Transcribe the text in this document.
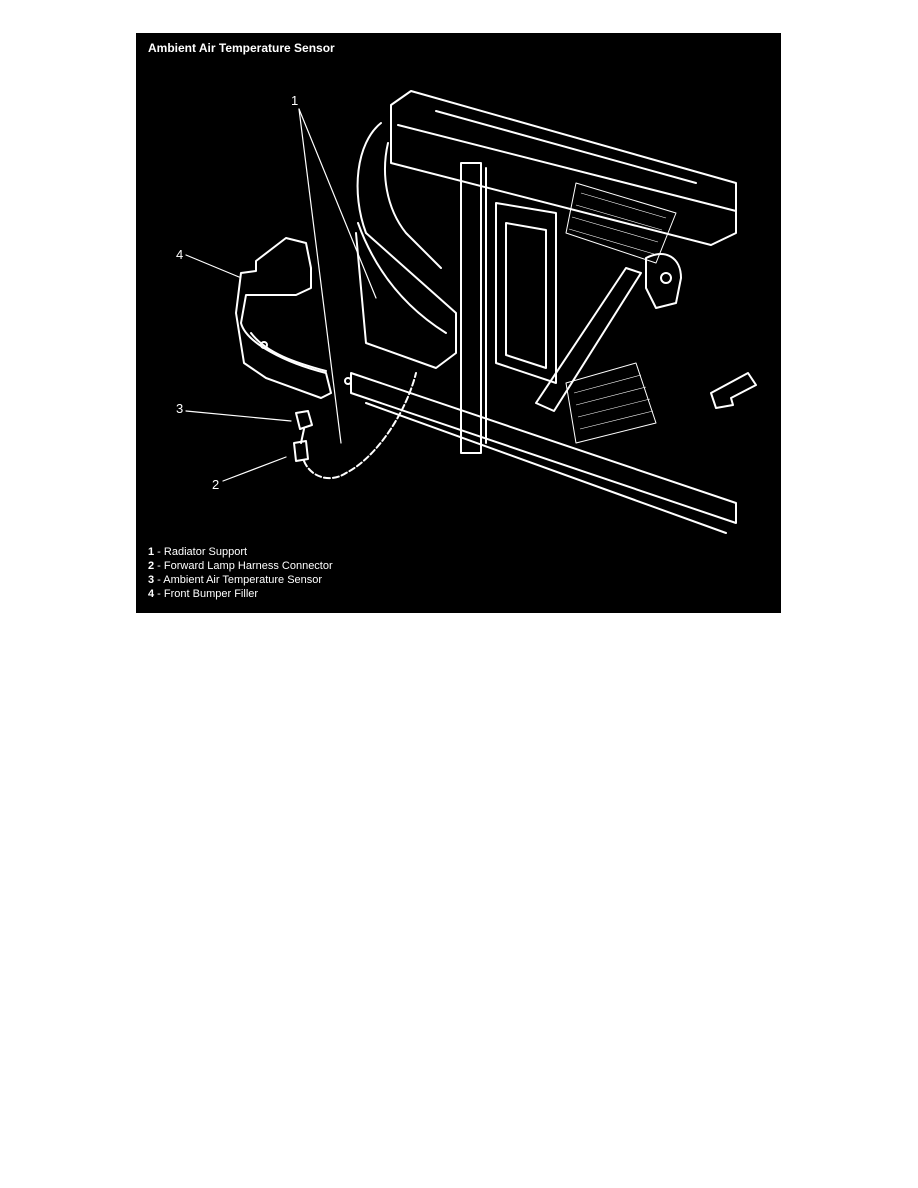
Ambient Air Temperature Sensor
1
2
3
4
1 - Radiator Support
2 - Forward Lamp Harness Connector
3 - Ambient Air Temperature Sensor
4 - Front Bumper Filler
